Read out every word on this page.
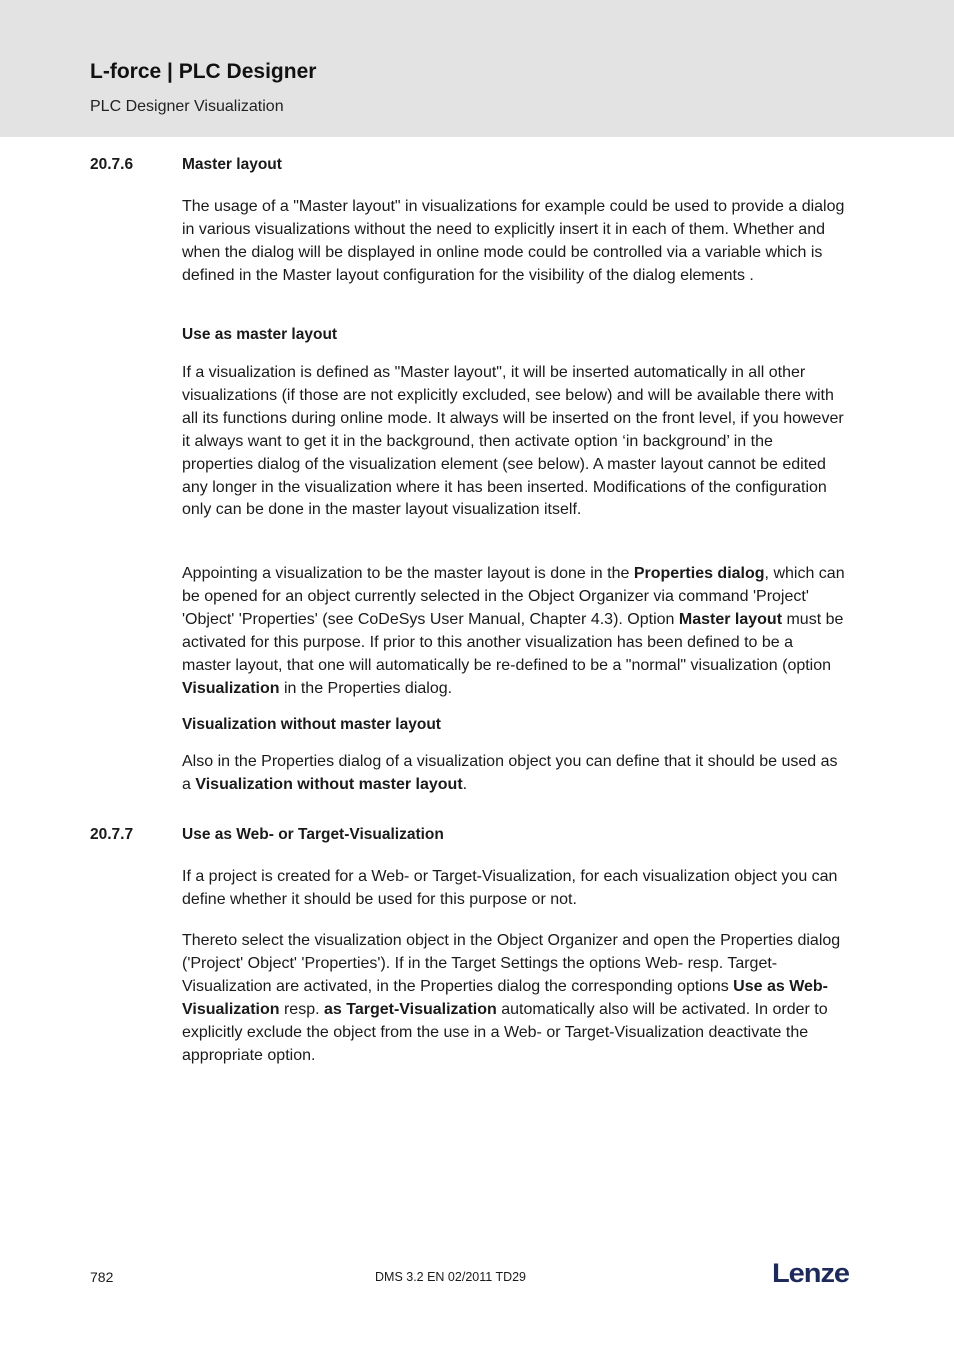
L-force | PLC Designer
PLC Designer Visualization
20.7.6	Master layout

The usage of a "Master layout" in visualizations for example could be used to provide a dialog in various visualizations without the need to explicitly insert it in each of them. Whether and when the dialog will be displayed in online mode could be controlled via a variable which is defined in the Master layout configuration for the visibility of the dialog elements .

Use as master layout

If a visualization is defined as "Master layout", it will be inserted automatically in all other visualizations (if those are not explicitly excluded, see below) and will be available there with all its functions during online mode. It always will be inserted on the front level, if you however it always want to get it in the background, then activate option ‘in background’ in the properties dialog of the visualization element (see below). A master layout cannot be edited any longer in the visualization where it has been inserted. Modifications of the configuration only can be done in the master layout visualization itself.

Appointing a visualization to be the master layout is done in the Properties dialog, which can be opened for an object currently selected in the Object Organizer via command 'Project' 'Object' 'Properties' (see CoDeSys User Manual, Chapter 4.3). Option Master layout must be activated for this purpose. If prior to this another visualization has been defined to be a master layout, that one will automatically be re-defined to be a "normal" visualization (option Visualization in the Properties dialog.

Visualization without master layout

Also in the Properties dialog of a visualization object you can define that it should be used as a Visualization without master layout.

20.7.7	Use as Web- or Target-Visualization

If a project is created for a Web- or Target-Visualization, for each visualization object you can define whether it should be used for this purpose or not.

Thereto select the visualization object in the Object Organizer and open the Properties dialog ('Project' Object' 'Properties'). If in the Target Settings the options Web- resp. Target-Visualization are activated, in the Properties dialog the corresponding options Use as Web-Visualization resp. as Target-Visualization automatically also will be activated. In order to explicitly exclude the object from the use in a Web- or Target-Visualization deactivate the appropriate option.

782	DMS 3.2 EN 02/2011 TD29	Lenze
